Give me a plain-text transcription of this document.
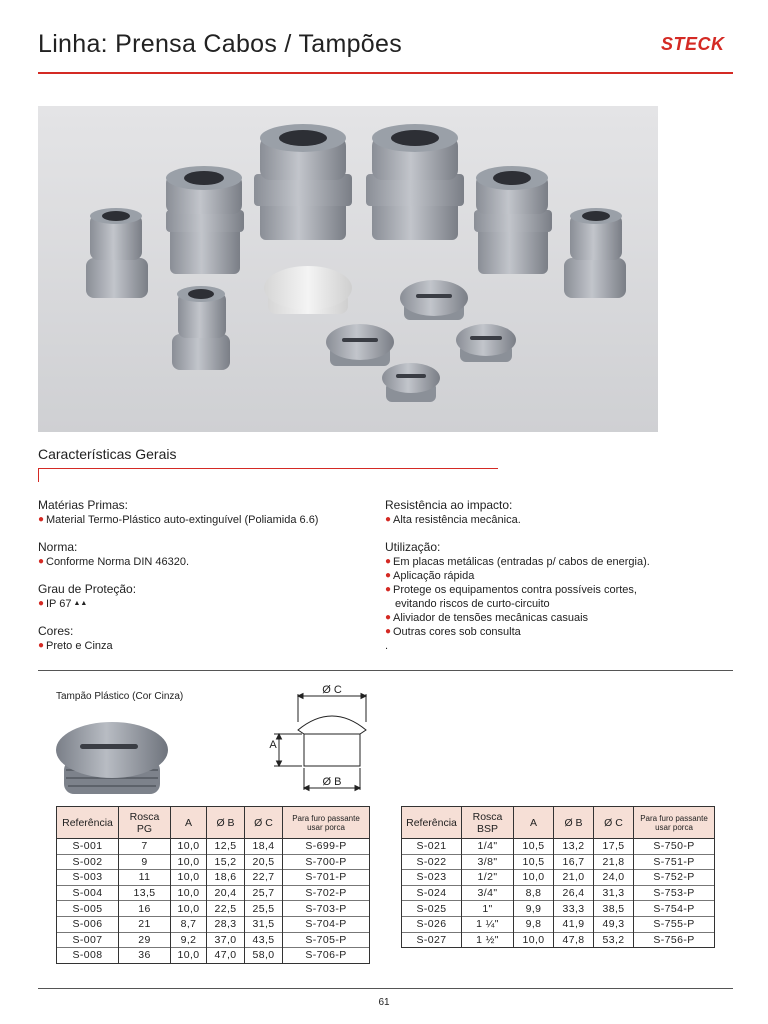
Linha: Prensa Cabos / Tampões	STECK
Características Gerais
Matérias Primas:
● Material Termo-Plástico auto-extinguível (Poliamida 6.6)
Norma:
● Conforme Norma DIN 46320.
Grau de Proteção:
● IP 67 ▲▲
Cores:
● Preto e Cinza
Resistência ao impacto:
● Alta resistência mecânica.
Utilização:
● Em placas metálicas (entradas p/ cabos de energia).
● Aplicação rápida
● Protege os equipamentos contra possíveis cortes,
evitando riscos de curto-circuito
● Aliviador de tensões mecânicas casuais
● Outras cores sob consulta
.
Tampão Plástico (Cor Cinza)
Ø C
A
Ø B
Referência	Rosca PG	A	Ø B	Ø C	Para furo passante usar porca
S-001	7	10,0	12,5	18,4	S-699-P
S-002	9	10,0	15,2	20,5	S-700-P
S-003	11	10,0	18,6	22,7	S-701-P
S-004	13,5	10,0	20,4	25,7	S-702-P
S-005	16	10,0	22,5	25,5	S-703-P
S-006	21	8,7	28,3	31,5	S-704-P
S-007	29	9,2	37,0	43,5	S-705-P
S-008	36	10,0	47,0	58,0	S-706-P
Referência	Rosca BSP	A	Ø B	Ø C	Para furo passante usar porca
S-021	1/4"	10,5	13,2	17,5	S-750-P
S-022	3/8"	10,5	16,7	21,8	S-751-P
S-023	1/2"	10,0	21,0	24,0	S-752-P
S-024	3/4"	8,8	26,4	31,3	S-753-P
S-025	1"	9,9	33,3	38,5	S-754-P
S-026	1 ¼"	9,8	41,9	49,3	S-755-P
S-027	1 ½"	10,0	47,8	53,2	S-756-P
61
